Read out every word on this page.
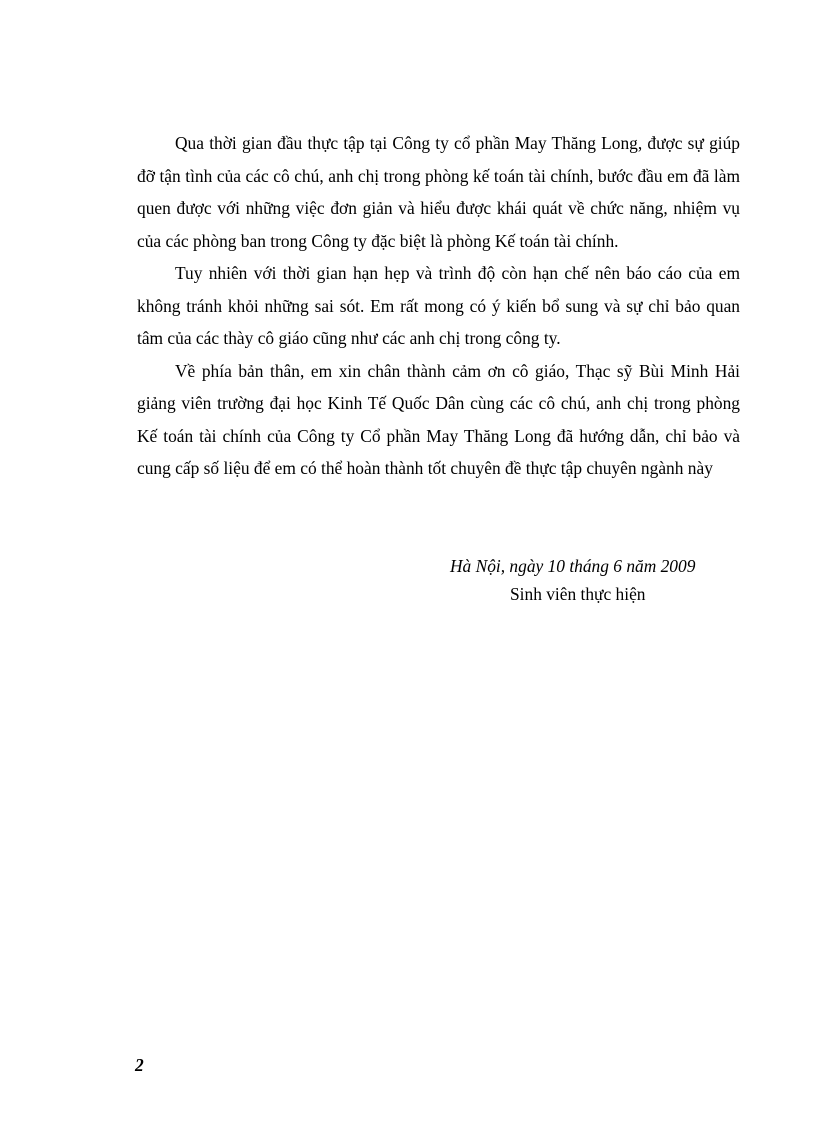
Qua thời gian đầu thực tập tại Công ty cổ phần May Thăng Long, được sự giúp đỡ tận tình của các cô chú, anh chị trong phòng kế toán tài chính, bước đầu em đã làm quen được với những việc đơn giản và hiểu được khái quát về chức năng, nhiệm vụ của các phòng ban trong Công ty đặc biệt là phòng Kế toán tài chính.

Tuy nhiên với thời gian hạn hẹp và trình độ còn hạn chế nên báo cáo của em không tránh khỏi những sai sót. Em rất mong có ý kiến bổ sung và sự chỉ bảo quan tâm của các thày cô giáo cũng như các anh chị trong công ty.

Về phía bản thân, em xin chân thành cảm ơn cô giáo, Thạc sỹ Bùi Minh Hải giảng viên trường đại học Kinh Tế Quốc Dân cùng các cô chú, anh chị trong phòng Kế toán tài chính của Công ty Cổ phần May Thăng Long đã hướng dẫn, chỉ bảo và cung cấp số liệu để em có thể hoàn thành tốt chuyên đề thực tập chuyên ngành này

Hà Nội, ngày 10 tháng 6 năm 2009

Sinh viên thực hiện

2
